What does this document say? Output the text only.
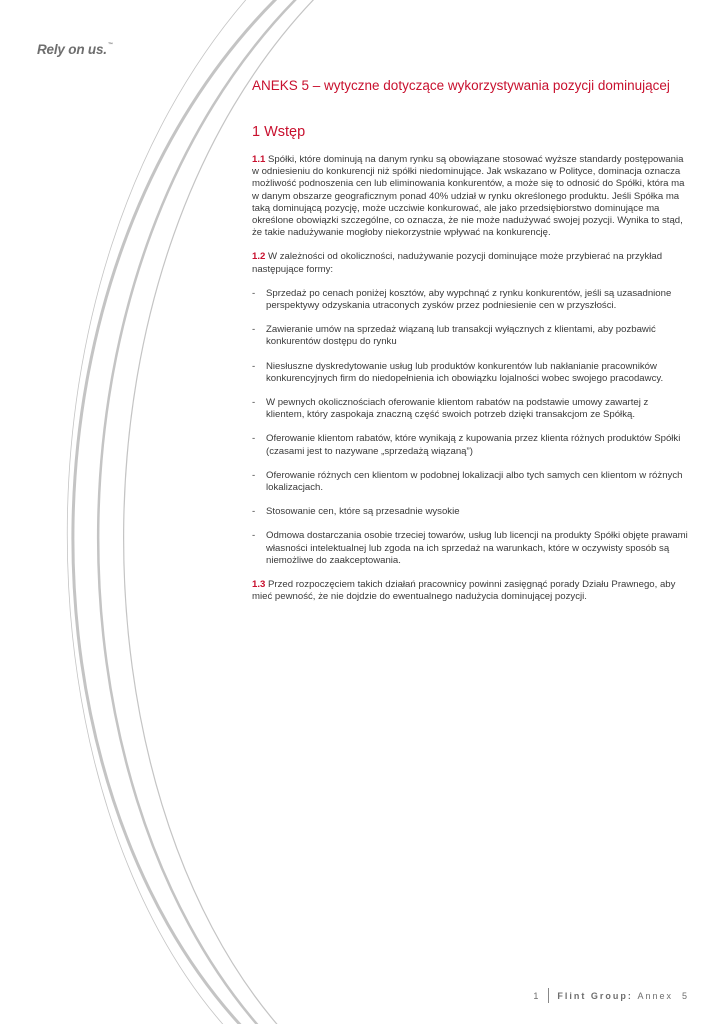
Rely on us.™
ANEKS 5 – wytyczne dotyczące wykorzystywania pozycji dominującej
1 Wstęp

1.1 Spółki, które dominują na danym rynku są obowiązane stosować wyższe standardy postępowania w odniesieniu do konkurencji niż spółki niedominujące. Jak wskazano w Polityce, dominacja oznacza możliwość podnoszenia cen lub eliminowania konkurentów, a może się to odnosić do Spółki, która ma w danym obszarze geograficznym ponad 40% udział w rynku określonego produktu. Jeśli Spółka ma taką dominującą pozycję, może uczciwie konkurować, ale jako przedsiębiorstwo dominujące ma określone obowiązki szczególne, co oznacza, że nie może nadużywać swojej pozycji. Wynika to stąd, że takie nadużywanie mogłoby niekorzystnie wpływać na konkurencję.

1.2 W zależności od okoliczności, nadużywanie pozycji dominujące może przybierać na przykład następujące formy:

- Sprzedaż po cenach poniżej kosztów, aby wypchnąć z rynku konkurentów, jeśli są uzasadnione perspektywy odzyskania utraconych zysków przez podniesienie cen w przyszłości.
- Zawieranie umów na sprzedaż wiązaną lub transakcji wyłącznych z klientami, aby pozbawić konkurentów dostępu do rynku
- Niesłuszne dyskredytowanie usług lub produktów konkurentów lub nakłanianie pracowników konkurencyjnych firm do niedopełnienia ich obowiązku lojalności wobec swojego pracodawcy.
- W pewnych okolicznościach oferowanie klientom rabatów na podstawie umowy zawartej z klientem, który zaspokaja znaczną część swoich potrzeb dzięki transakcjom ze Spółką.
- Oferowanie klientom rabatów, które wynikają z kupowania przez klienta różnych produktów Spółki (czasami jest to nazywane „sprzedażą wiązaną”)
- Oferowanie różnych cen klientom w podobnej lokalizacji albo tych samych cen klientom w różnych lokalizacjach.
- Stosowanie cen, które są przesadnie wysokie
- Odmowa dostarczania osobie trzeciej towarów, usług lub licencji na produkty Spółki objęte prawami własności intelektualnej lub zgoda na ich sprzedaż na warunkach, które w oczywisty sposób są niemożliwe do zaakceptowania.

1.3 Przed rozpoczęciem takich działań pracownicy powinni zasięgnąć porady Działu Prawnego, aby mieć pewność, że nie dojdzie do ewentualnego nadużycia dominującej pozycji.

1 Flint Group:
Annex
5
